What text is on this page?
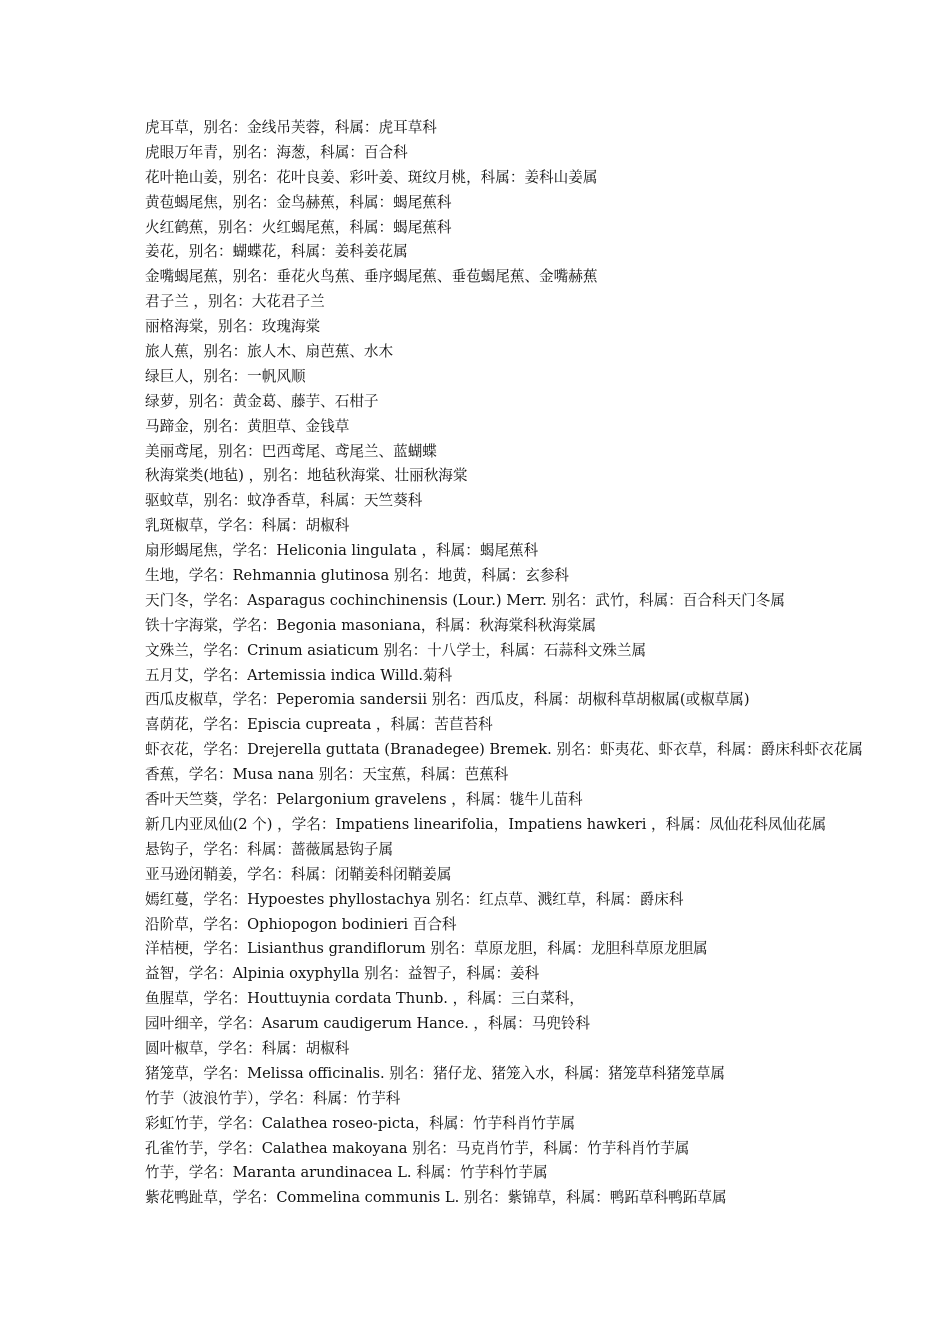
虎耳草，别名：金线吊芙蓉，科属：虎耳草科
虎眼万年青，别名：海葱，科属：百合科
花叶艳山姜，别名：花叶良姜、彩叶姜、斑纹月桃，科属：姜科山姜属
黄苞蝎尾焦，别名：金鸟赫蕉，科属：蝎尾蕉科
火红鹤蕉，别名：火红蝎尾蕉，科属：蝎尾蕉科
姜花，别名：蝴蝶花，科属：姜科姜花属
金嘴蝎尾蕉，别名：垂花火鸟蕉、垂序蝎尾蕉、垂苞蝎尾蕉、金嘴赫蕉
君子兰 ，别名：大花君子兰
丽格海棠，别名：玫瑰海棠
旅人蕉，别名：旅人木、扇芭蕉、水木
绿巨人，别名：一帆风顺
绿萝，别名：黄金葛、藤芋、石柑子
马蹄金，别名：黄胆草、金钱草
美丽鸢尾，别名：巴西鸢尾、鸢尾兰、蓝蝴蝶
秋海棠类(地毡) ，别名：地毡秋海棠、壮丽秋海棠
驱蚊草，别名：蚊净香草，科属：天竺葵科
乳斑椒草，学名：科属：胡椒科
扇形蝎尾焦，学名：Heliconia lingulata ，科属：蝎尾蕉科
生地，学名：Rehmannia glutinosa 别名：地黄，科属：玄参科
天门冬，学名：Asparagus cochinchinensis (Lour.) Merr. 别名：武竹，科属：百合科天门冬属
铁十字海棠，学名：Begonia masoniana，科属：秋海棠科秋海棠属
文殊兰，学名：Crinum asiaticum 别名：十八学士，科属：石蒜科文殊兰属
五月艾，学名：Artemissia indica Willd.菊科
西瓜皮椒草，学名：Peperomia sandersii 别名：西瓜皮，科属：胡椒科草胡椒属(或椒草属)
喜荫花，学名：Episcia cupreata ，科属：苦苣苔科
虾衣花，学名：Drejerella guttata (Branadegee) Bremek. 别名：虾夷花、虾衣草，科属：爵床科虾衣花属
香蕉，学名：Musa nana 别名：天宝蕉，科属：芭蕉科
香叶天竺葵，学名：Pelargonium gravelens ，科属：牻牛儿苗科
新几内亚凤仙(2 个) ，学名：Impatiens linearifolia，Impatiens hawkeri ，科属：凤仙花科凤仙花属
悬钩子，学名：科属：蔷薇属悬钩子属
亚马逊闭鞘姜，学名：科属：闭鞘姜科闭鞘姜属
嫣红蔓，学名：Hypoestes phyllostachya 别名：红点草、溅红草，科属：爵床科
沿阶草，学名：Ophiopogon bodinieri 百合科
洋桔梗，学名：Lisianthus grandiflorum 别名：草原龙胆，科属：龙胆科草原龙胆属
益智，学名：Alpinia oxyphylla 别名：益智子，科属：姜科
鱼腥草，学名：Houttuynia cordata Thunb. ，科属：三白菜科，
园叶细辛，学名：Asarum caudigerum Hance. ，科属：马兜铃科
圆叶椒草，学名：科属：胡椒科
猪笼草，学名：Melissa officinalis. 别名：猪仔龙、猪笼入水，科属：猪笼草科猪笼草属
竹芋（波浪竹芋），学名：科属：竹芋科
彩虹竹芋，学名：Calathea roseo-picta，科属：竹芋科肖竹芋属
孔雀竹芋，学名：Calathea makoyana 别名：马克肖竹芋，科属：竹芋科肖竹芋属
竹芋，学名：Maranta arundinacea L. 科属：竹芋科竹芋属
紫花鸭趾草，学名：Commelina communis L. 别名：紫锦草，科属：鸭跖草科鸭跖草属
